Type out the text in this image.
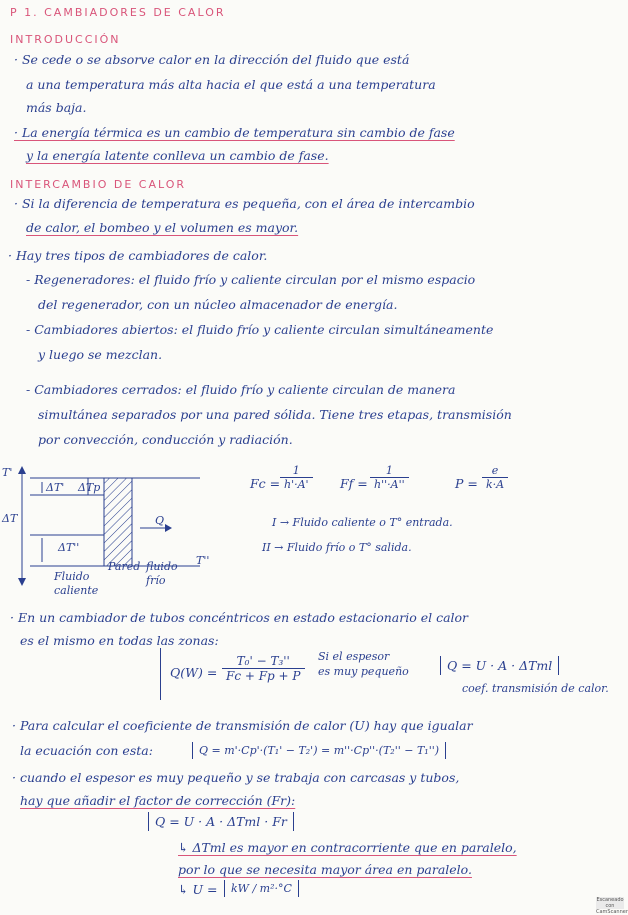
P 1. CAMBIADORES DE CALOR
INTRODUCCIÓN
· Se cede o se absorve calor en la dirección del fluido que está
a una temperatura más alta hacia el que está a una temperatura
más baja.
· La energía térmica es un cambio de temperatura sin cambio de fase
y la energía latente conlleva un cambio de fase.
INTERCAMBIO DE CALOR
· Si la diferencia de temperatura es pequeña, con el área de intercambio
de calor, el bombeo y el volumen es mayor.
· Hay tres tipos de cambiadores de calor.
- Regeneradores: el fluido frío y caliente circulan por el mismo espacio
del regenerador, con un núcleo almacenador de energía.
- Cambiadores abiertos: el fluido frío y caliente circulan simultáneamente
y luego se mezclan.
- Cambiadores cerrados: el fluido frío y caliente circulan de manera
simultánea separados por una pared sólida. Tiene tres etapas, transmisión
por convección, conducción y radiación.
T'
ΔT
ΔT' ΔTp
ΔT''
Q
T''
Fluido
caliente
Pared fluido
frío
$Fc = \frac{1}{h'\cdot A'}$ $Ff = \frac{1}{h''\cdot A''}$	$P = \frac{e}{k\cdot A}$
I → Fluido caliente o T° entrada.
II → Fluido frío o T° salida.
· En un cambiador de tubos concéntricos en estado estacionario el calor
es el mismo en todas las zonas:
$Q(W) = \frac{\text{T₀' − T₃''}}{Fc + Fp + P}$ Si el espesor
es muy pequeño	Q = U · A · ΔTml
coef. transmisión de calor.
· Para calcular el coeficiente de transmisión de calor (U) hay que igualar
la ecuación con esta:	Q = m'·Cp'·(T₁' − T₂') = m''·Cp''·(T₂'' − T₁'')
· cuando el espesor es muy pequeño y se trabaja con carcasas y tubos,
hay que añadir el factor de corrección (Fr):
Q = U · A · ΔTml · Fr
↳ ΔTml es mayor en contracorriente que en paralelo,
por lo que se necesita mayor área en paralelo.
↳ U =	kW / m²·°C
Escaneado con CamScanner
